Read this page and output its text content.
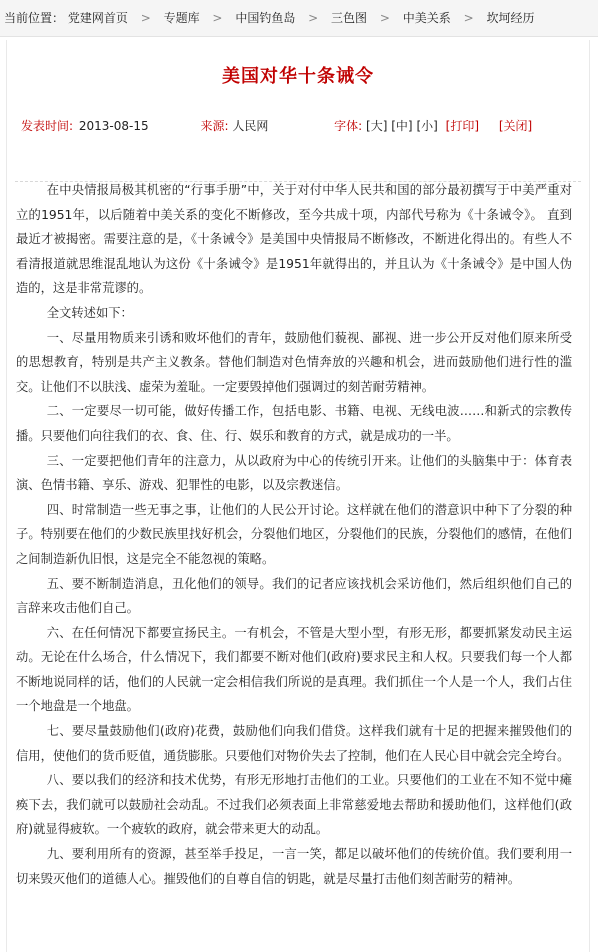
当前位置： 党建网首页 > 专题库 > 中国钓鱼岛 > 三色图 > 中美关系 > 坎坷经历
美国对华十条诫令
发表时间: 2013-08-15	来源: 人民网	字体: [大] [中] [小] [打印] [关闭]

在中央情报局极其机密的“行事手册”中，关于对付中华人民共和国的部分最初撰写于中美严重对立的1951年，以后随着中美关系的变化不断修改，至今共成十项，内部代号称为《十条诫令》。 直到最近才被揭密。需要注意的是，《十条诫令》是美国中央情报局不断修改，不断进化得出的。有些人不看清报道就思维混乱地认为这份《十条诫令》是1951年就得出的，并且认为《十条诫令》是中国人伪造的，这是非常荒谬的。

全文转述如下：

一、尽量用物质来引诱和败坏他们的青年，鼓励他们藐视、鄙视、进一步公开反对他们原来所受的思想教育，特别是共产主义教条。替他们制造对色情奔放的兴趣和机会，进而鼓励他们进行性的滥交。让他们不以肤浅、虚荣为羞耻。一定要毁掉他们强调过的刻苦耐劳精神。

二、一定要尽一切可能，做好传播工作，包括电影、书籍、电视、无线电波……和新式的宗教传播。只要他们向往我们的衣、食、住、行、娱乐和教育的方式，就是成功的一半。

三、一定要把他们青年的注意力，从以政府为中心的传统引开来。让他们的头脑集中于：体育表演、色情书籍、享乐、游戏、犯罪性的电影，以及宗教迷信。

四、时常制造一些无事之事，让他们的人民公开讨论。这样就在他们的潜意识中种下了分裂的种子。特别要在他们的少数民族里找好机会，分裂他们地区，分裂他们的民族，分裂他们的感情，在他们之间制造新仇旧恨，这是完全不能忽视的策略。

五、要不断制造消息，丑化他们的领导。我们的记者应该找机会采访他们，然后组织他们自己的言辞来攻击他们自己。

六、在任何情况下都要宣扬民主。一有机会，不管是大型小型，有形无形，都要抓紧发动民主运动。无论在什么场合，什么情况下，我们都要不断对他们(政府)要求民主和人权。只要我们每一个人都不断地说同样的话，他们的人民就一定会相信我们所说的是真理。我们抓住一个人是一个人，我们占住一个地盘是一个地盘。

七、要尽量鼓励他们(政府)花费，鼓励他们向我们借贷。这样我们就有十足的把握来摧毁他们的信用，使他们的货币贬值，通货膨胀。只要他们对物价失去了控制，他们在人民心目中就会完全垮台。

八、要以我们的经济和技术优势，有形无形地打击他们的工业。只要他们的工业在不知不觉中瘫痪下去，我们就可以鼓励社会动乱。不过我们必须表面上非常慈爱地去帮助和援助他们，这样他们(政府)就显得疲软。一个疲软的政府，就会带来更大的动乱。

九、要利用所有的资源，甚至举手投足，一言一笑，都足以破坏他们的传统价值。我们要利用一切来毁灭他们的道德人心。摧毁他们的自尊自信的钥匙，就是尽量打击他们刻苦耐劳的精神。
